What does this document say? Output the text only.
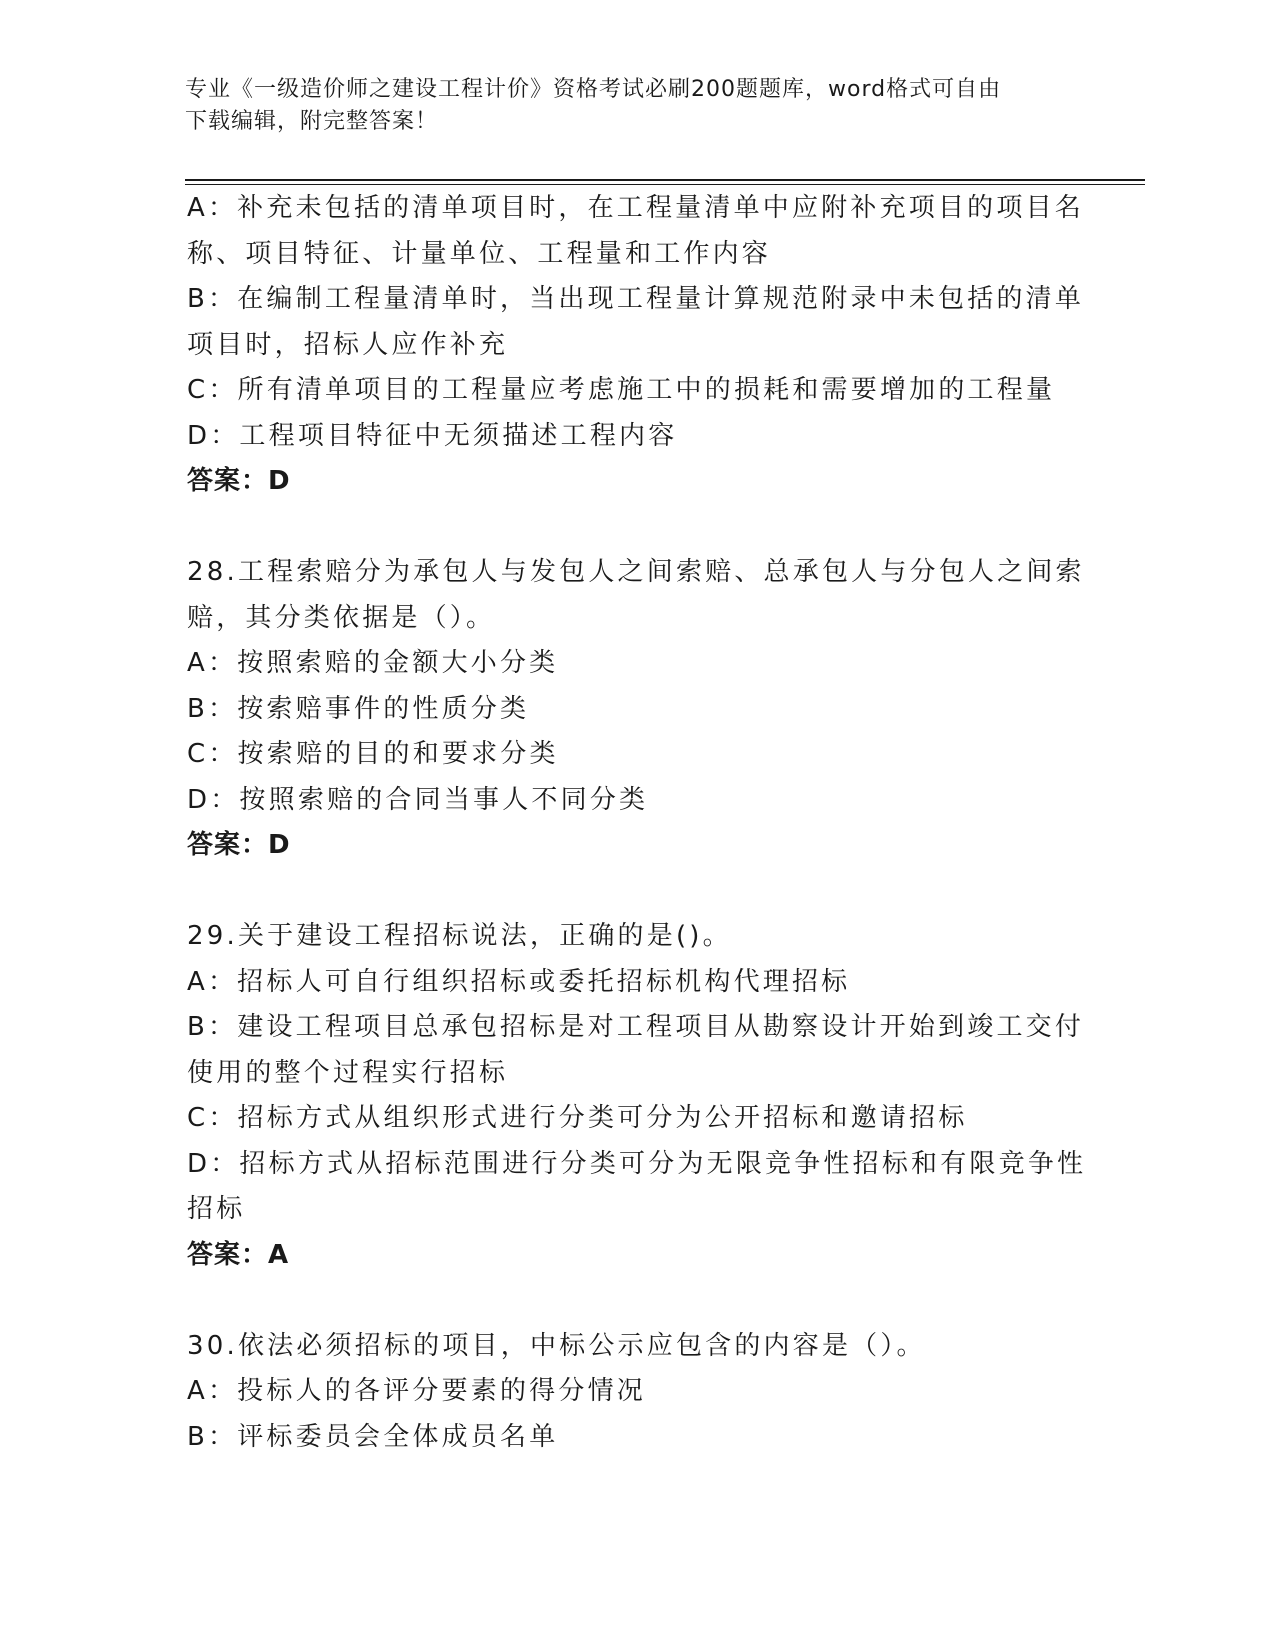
专业《一级造价师之建设工程计价》资格考试必刷200题题库，word格式可自由
下载编辑，附完整答案！
A：补充未包括的清单项目时，在工程量清单中应附补充项目的项目名
称、项目特征、计量单位、工程量和工作内容
B：在编制工程量清单时，当出现工程量计算规范附录中未包括的清单
项目时，招标人应作补充
C：所有清单项目的工程量应考虑施工中的损耗和需要增加的工程量
D：工程项目特征中无须描述工程内容
答案：D
28.工程索赔分为承包人与发包人之间索赔、总承包人与分包人之间索
赔，其分类依据是（）。
A：按照索赔的金额大小分类
B：按索赔事件的性质分类
C：按索赔的目的和要求分类
D：按照索赔的合同当事人不同分类
答案：D
29.关于建设工程招标说法，正确的是()。
A：招标人可自行组织招标或委托招标机构代理招标
B：建设工程项目总承包招标是对工程项目从勘察设计开始到竣工交付
使用的整个过程实行招标
C：招标方式从组织形式进行分类可分为公开招标和邀请招标
D：招标方式从招标范围进行分类可分为无限竞争性招标和有限竞争性
招标
答案：A
30.依法必须招标的项目，中标公示应包含的内容是（）。
A：投标人的各评分要素的得分情况
B：评标委员会全体成员名单
